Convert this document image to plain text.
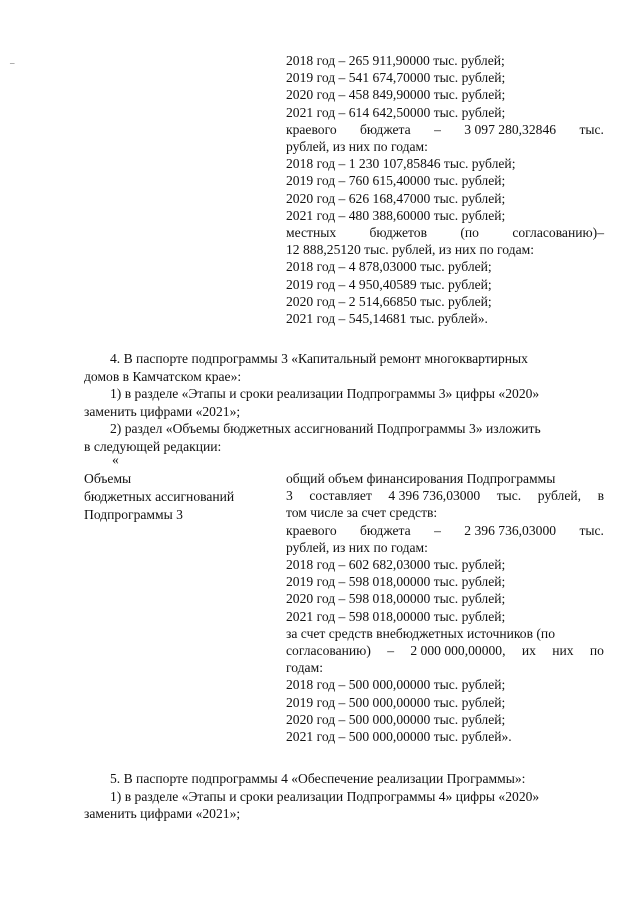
–	2018 год – 265 911,90000 тыс. рублей;
2019 год – 541 674,70000 тыс. рублей;
2020 год – 458 849,90000 тыс. рублей;
2021 год – 614 642,50000 тыс. рублей;
краевого бюджета – 3 097 280,32846 тыс.
рублей, из них по годам:
2018 год – 1 230 107,85846 тыс. рублей;
2019 год – 760 615,40000 тыс. рублей;
2020 год – 626 168,47000 тыс. рублей;
2021 год – 480 388,60000 тыс. рублей;
местных бюджетов (по согласованию)–
12 888,25120 тыс. рублей, из них по годам:
2018 год – 4 878,03000 тыс. рублей;
2019 год – 4 950,40589 тыс. рублей;
2020 год – 2 514,66850 тыс. рублей;
2021 год – 545,14681 тыс. рублей».
4. В паспорте подпрограммы 3 «Капитальный ремонт многоквартирных
домов в Камчатском крае»:
1) в разделе «Этапы и сроки реализации Подпрограммы 3» цифры «2020»
заменить цифрами «2021»;
2) раздел «Объемы бюджетных ассигнований Подпрограммы 3» изложить
в следующей редакции:
«
Объемы
бюджетных ассигнований
Подпрограммы 3
общий объем финансирования Подпрограммы
3 составляет 4 396 736,03000 тыс. рублей, в
том числе за счет средств:
краевого бюджета – 2 396 736,03000 тыс.
рублей, из них по годам:
2018 год – 602 682,03000 тыс. рублей;
2019 год – 598 018,00000 тыс. рублей;
2020 год – 598 018,00000 тыс. рублей;
2021 год – 598 018,00000 тыс. рублей;
за счет средств внебюджетных источников (по
согласованию) – 2 000 000,00000, их них по
годам:
2018 год – 500 000,00000 тыс. рублей;
2019 год – 500 000,00000 тыс. рублей;
2020 год – 500 000,00000 тыс. рублей;
2021 год – 500 000,00000 тыс. рублей».
5. В паспорте подпрограммы 4 «Обеспечение реализации Программы»:
1) в разделе «Этапы и сроки реализации Подпрограммы 4» цифры «2020»
заменить цифрами «2021»;
